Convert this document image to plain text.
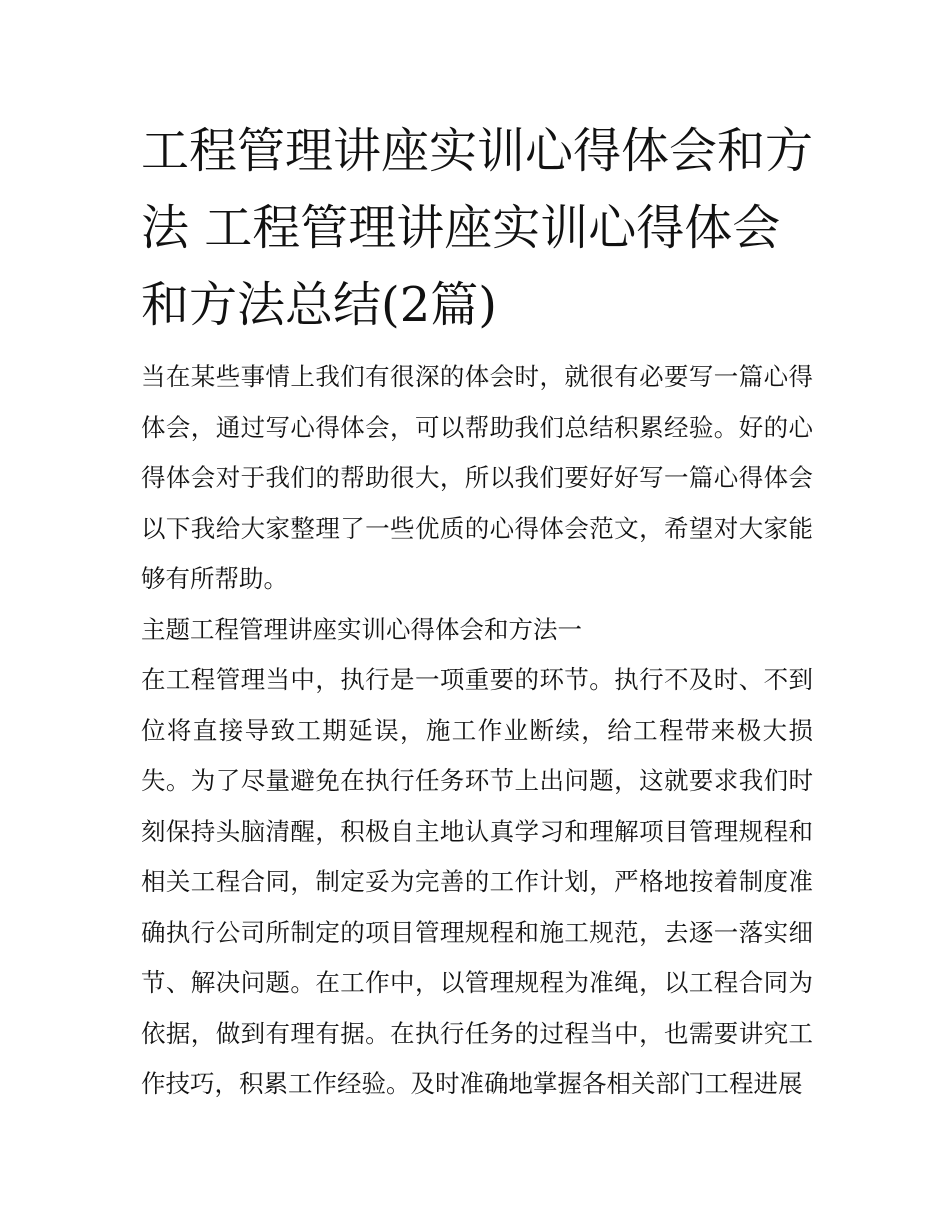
工程管理讲座实训心得体会和方法 工程管理讲座实训心得体会和方法总结(2篇)

当在某些事情上我们有很深的体会时，就很有必要写一篇心得体会，通过写心得体会，可以帮助我们总结积累经验。好的心得体会对于我们的帮助很大，所以我们要好好写一篇心得体会以下我给大家整理了一些优质的心得体会范文，希望对大家能够有所帮助。

主题工程管理讲座实训心得体会和方法一

在工程管理当中，执行是一项重要的环节。执行不及时、不到位将直接导致工期延误，施工作业断续，给工程带来极大损失。为了尽量避免在执行任务环节上出问题，这就要求我们时刻保持头脑清醒，积极自主地认真学习和理解项目管理规程和相关工程合同，制定妥为完善的工作计划，严格地按着制度准确执行公司所制定的项目管理规程和施工规范，去逐一落实细节、解决问题。在工作中，以管理规程为准绳，以工程合同为依据，做到有理有据。在执行任务的过程当中，也需要讲究工作技巧，积累工作经验。及时准确地掌握各相关部门工程进展
